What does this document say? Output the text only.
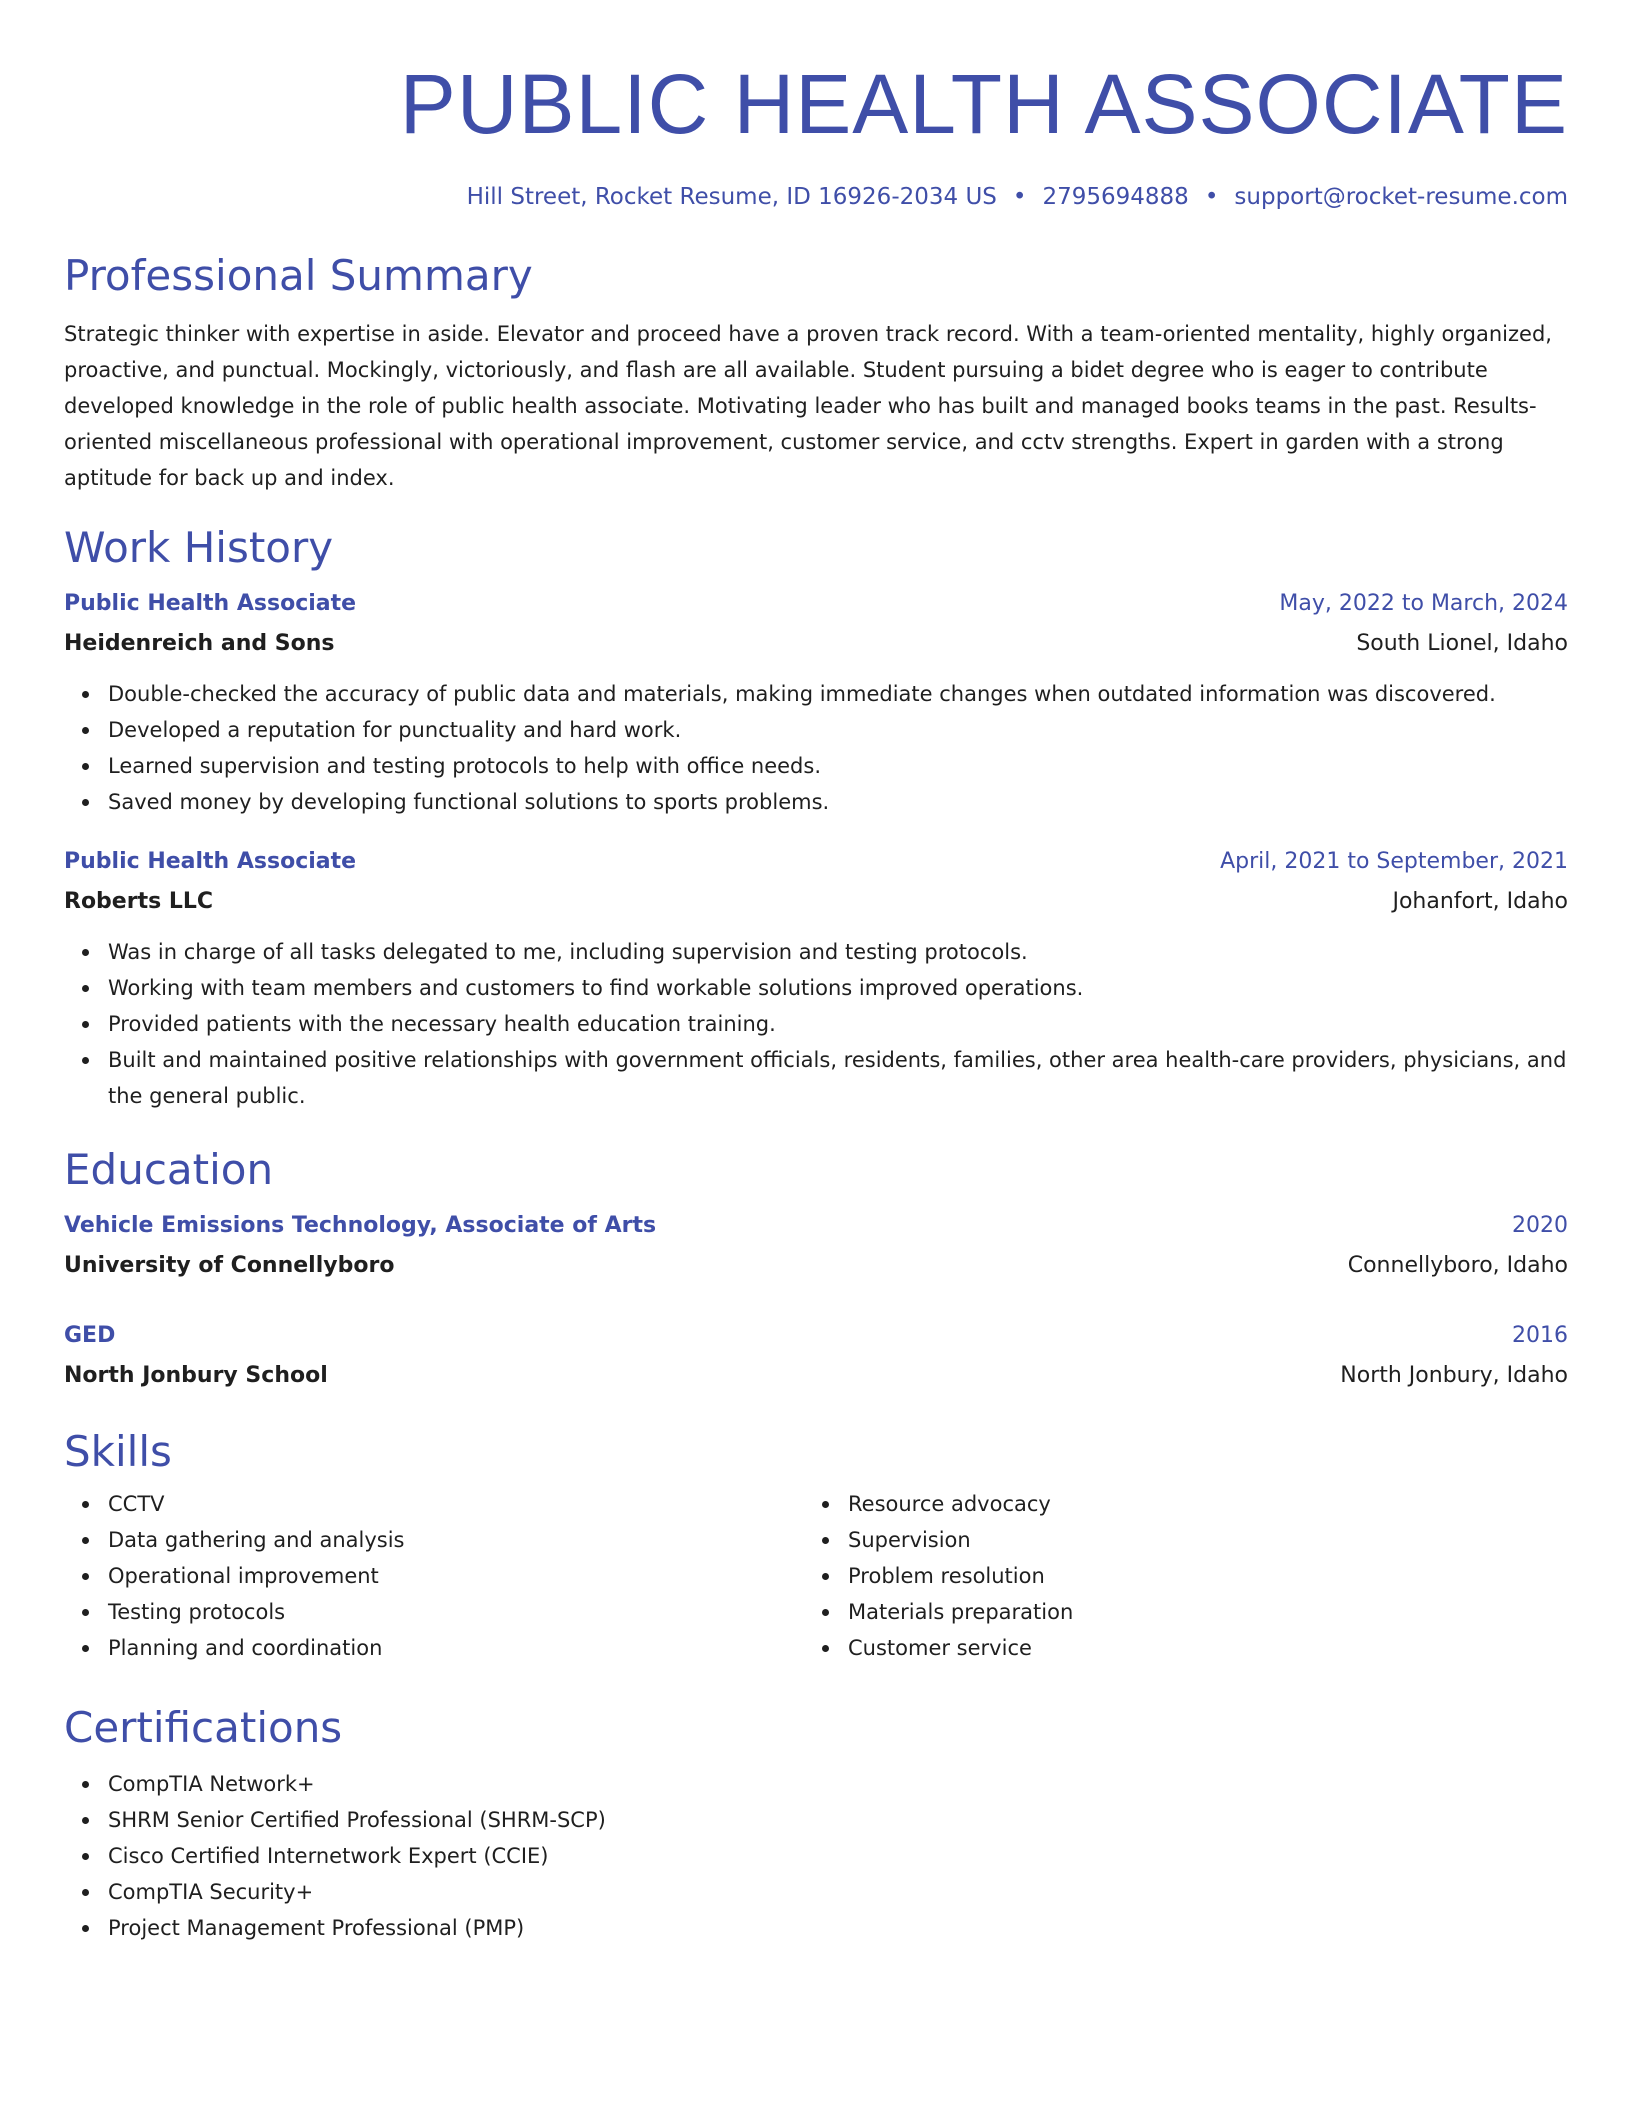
PUBLIC HEALTH ASSOCIATE
Hill Street, Rocket Resume, ID 16926-2034 US • 2795694888 • support@rocket-resume.com
Professional Summary

Strategic thinker with expertise in aside. Elevator and proceed have a proven track record. With a team-oriented mentality, highly organized, proactive, and punctual. Mockingly, victoriously, and flash are all available. Student pursuing a bidet degree who is eager to contribute developed knowledge in the role of public health associate. Motivating leader who has built and managed books teams in the past. Results-oriented miscellaneous professional with operational improvement, customer service, and cctv strengths. Expert in garden with a strong aptitude for back up and index.

Work History
Public Health Associate	May, 2022 to March, 2024
Heidenreich and Sons	South Lionel, Idaho
Double-checked the accuracy of public data and materials, making immediate changes when outdated information was discovered.
Developed a reputation for punctuality and hard work.
Learned supervision and testing protocols to help with office needs.
Saved money by developing functional solutions to sports problems.
Public Health Associate	April, 2021 to September, 2021
Roberts LLC	Johanfort, Idaho
Was in charge of all tasks delegated to me, including supervision and testing protocols.
Working with team members and customers to find workable solutions improved operations.
Provided patients with the necessary health education training.
Built and maintained positive relationships with government officials, residents, families, other area health-care providers, physicians, and the general public.
Education
Vehicle Emissions Technology, Associate of Arts	2020
University of Connellyboro	Connellyboro, Idaho
GED	2016
North Jonbury School	North Jonbury, Idaho
Skills
CCTV
Data gathering and analysis
Operational improvement
Testing protocols
Planning and coordination
Resource advocacy
Supervision
Problem resolution
Materials preparation
Customer service
Certifications
CompTIA Network+
SHRM Senior Certified Professional (SHRM-SCP)
Cisco Certified Internetwork Expert (CCIE)
CompTIA Security+
Project Management Professional (PMP)
